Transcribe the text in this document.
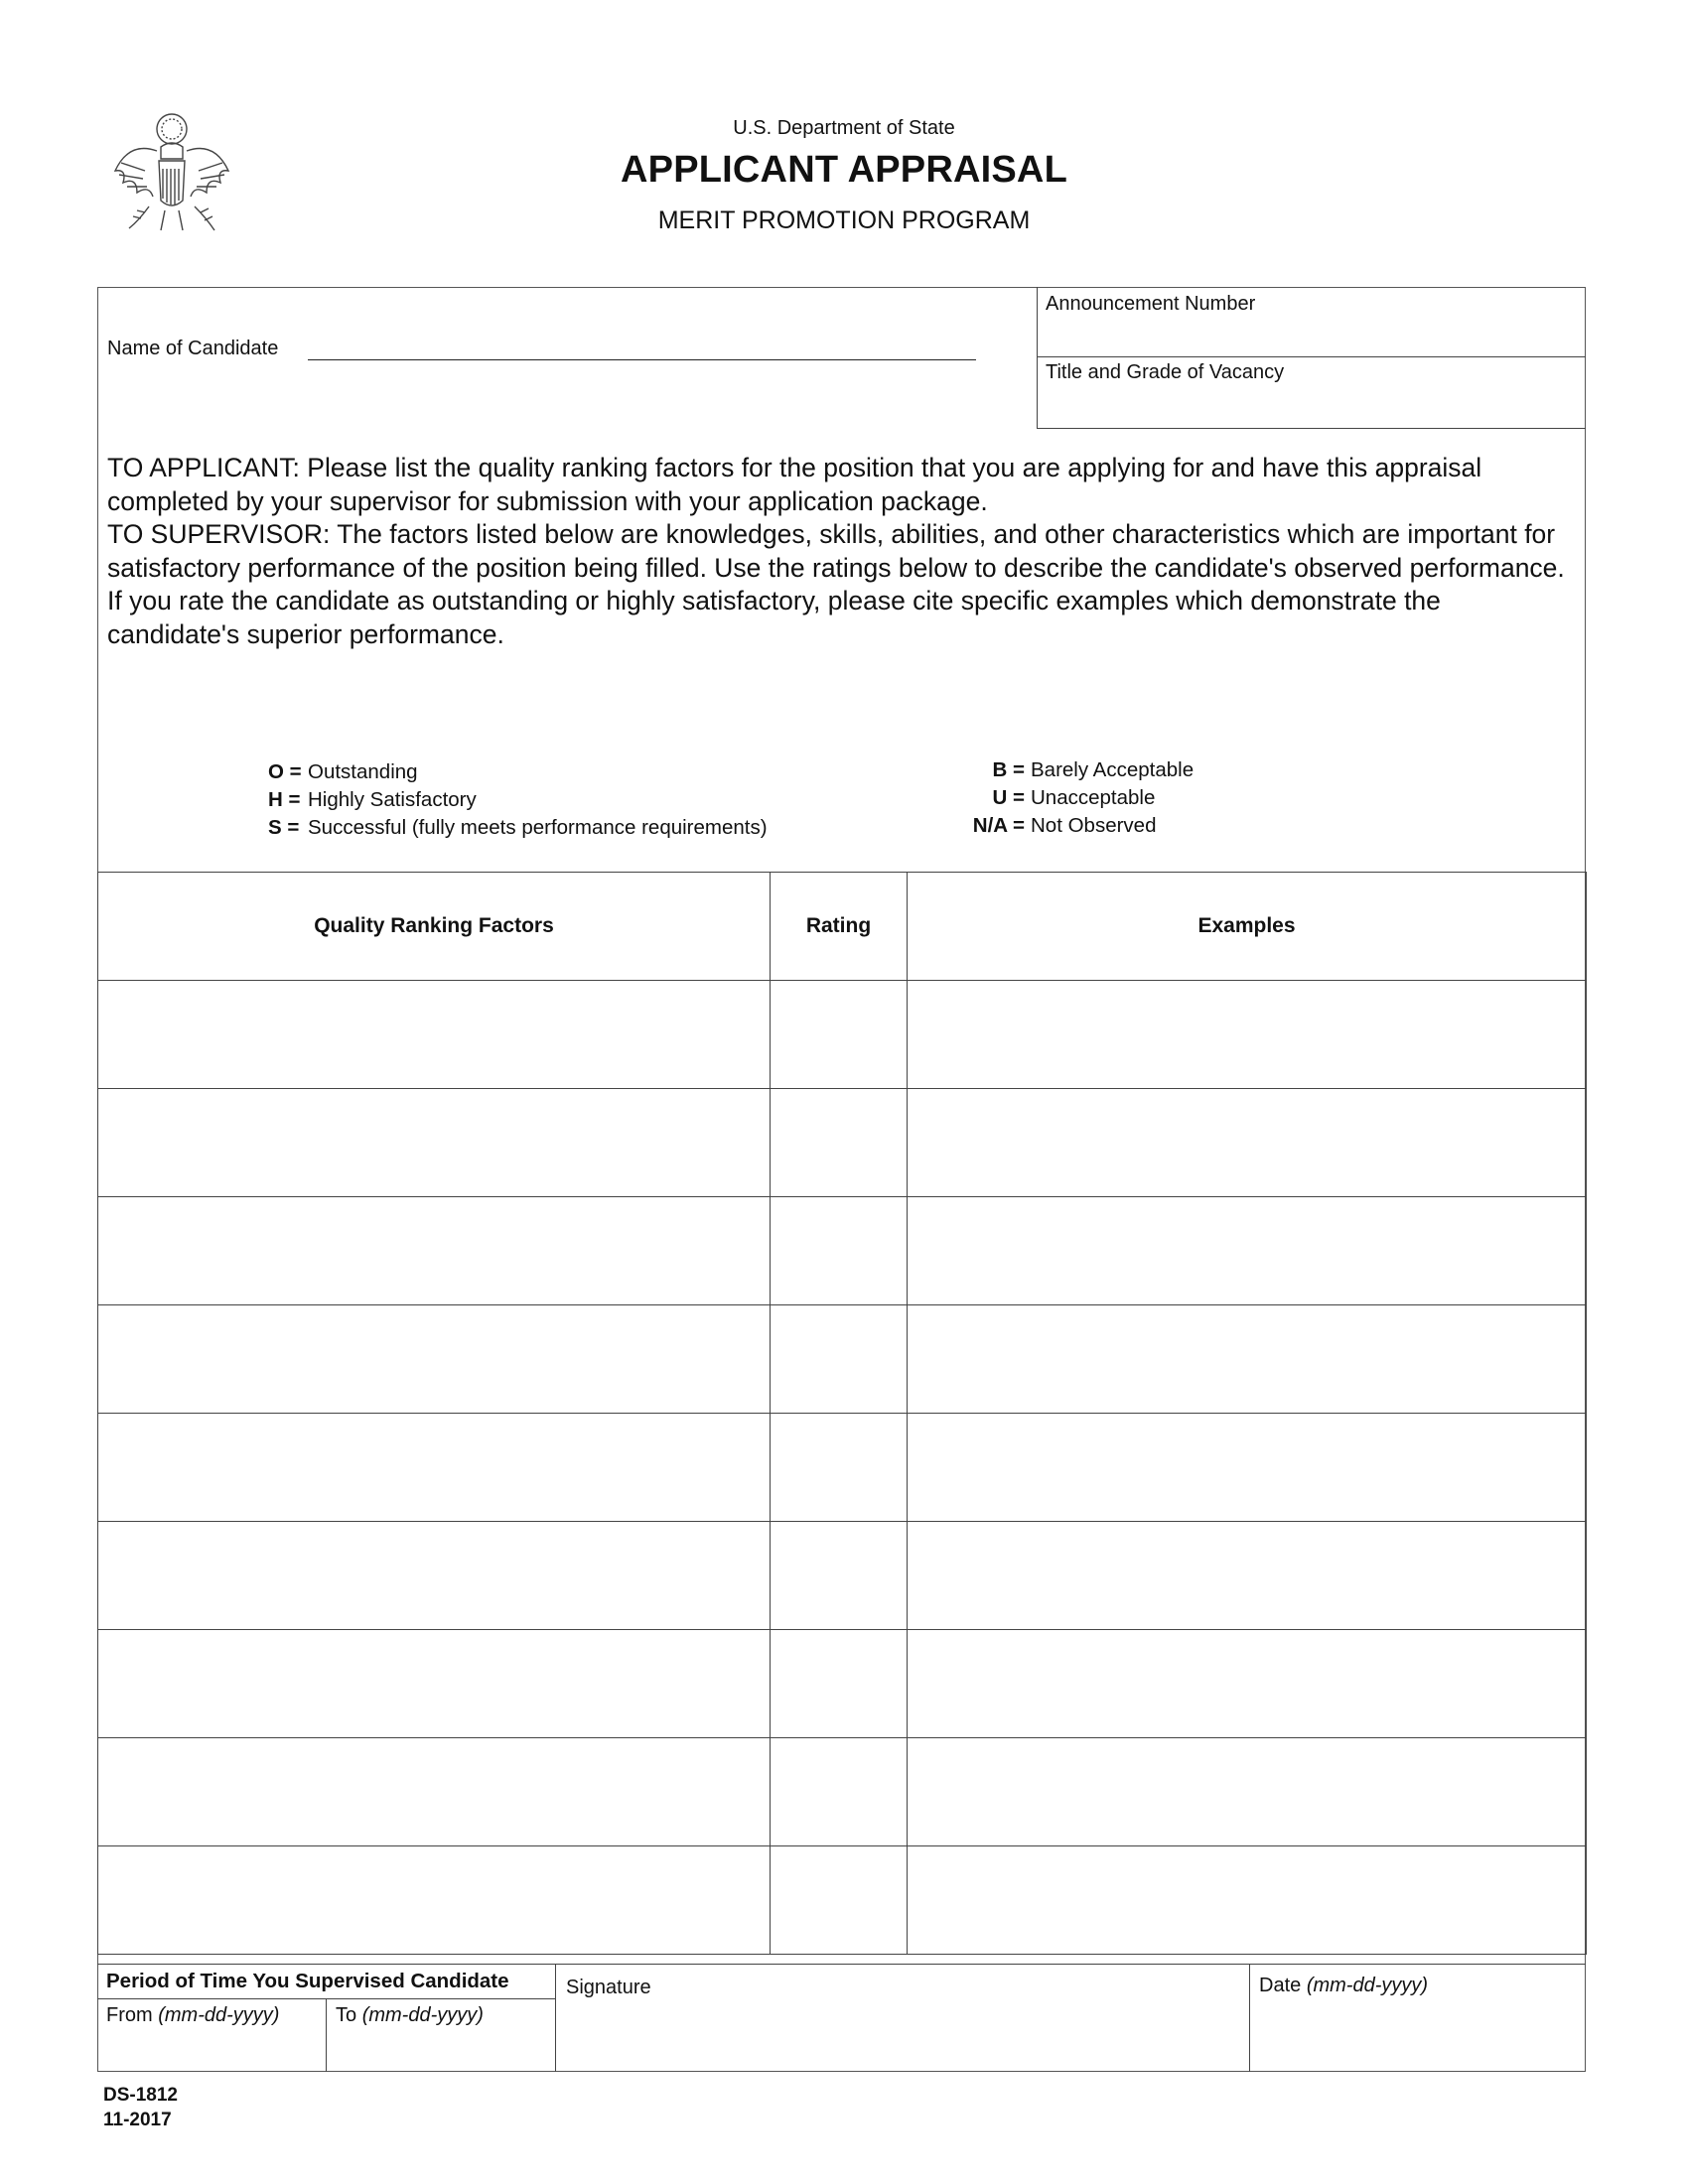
U.S. Department of State
APPLICANT APPRAISAL
MERIT PROMOTION PROGRAM
Name of Candidate
Announcement Number
Title and Grade of Vacancy

TO APPLICANT: Please list the quality ranking factors for the position that you are applying for and have this appraisal completed by your supervisor for submission with your application package.

TO SUPERVISOR: The factors listed below are knowledges, skills, abilities, and other characteristics which are important for satisfactory performance of the position being filled. Use the ratings below to describe the candidate's observed performance. If you rate the candidate as outstanding or highly satisfactory, please cite specific examples which demonstrate the candidate's superior performance.

O = Outstanding
H = Highly Satisfactory
S = Successful (fully meets performance requirements)
B = Barely Acceptable
U = Unacceptable
N/A = Not Observed
Quality Ranking Factors	Rating	Examples

Period of Time You Supervised Candidate
From (mm-dd-yyyy)	To (mm-dd-yyyy)
Signature	Date (mm-dd-yyyy)
DS-1812
11-2017
